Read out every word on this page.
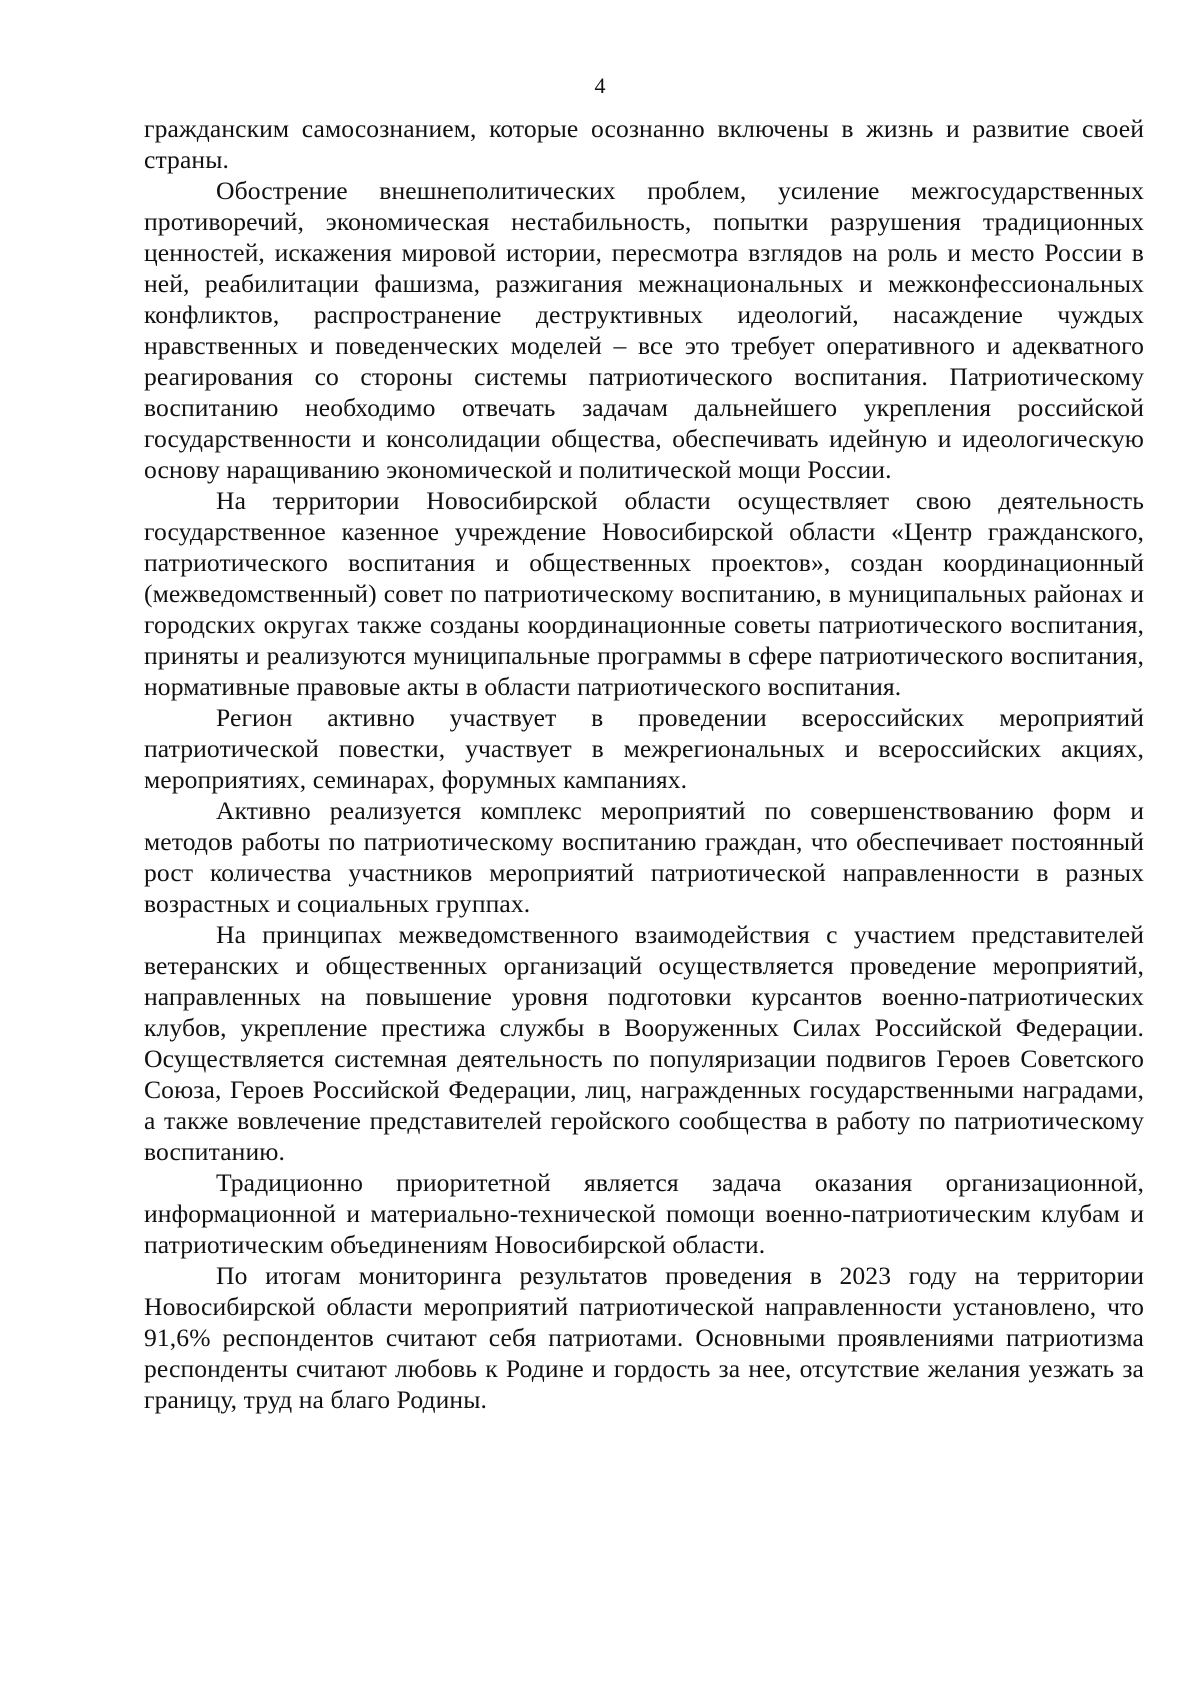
4

гражданским самосознанием, которые осознанно включены в жизнь и развитие своей страны.

Обострение внешнеполитических проблем, усиление межгосударственных противоречий, экономическая нестабильность, попытки разрушения традиционных ценностей, искажения мировой истории, пересмотра взглядов на роль и место России в ней, реабилитации фашизма, разжигания межнациональных и межконфессиональных конфликтов, распространение деструктивных идеологий, насаждение чуждых нравственных и поведенческих моделей – все это требует оперативного и адекватного реагирования со стороны системы патриотического воспитания. Патриотическому воспитанию необходимо отвечать задачам дальнейшего укрепления российской государственности и консолидации общества, обеспечивать идейную и идеологическую основу наращиванию экономической и политической мощи России.

На территории Новосибирской области осуществляет свою деятельность государственное казенное учреждение Новосибирской области «Центр гражданского, патриотического воспитания и общественных проектов», создан координационный (межведомственный) совет по патриотическому воспитанию, в муниципальных районах и городских округах также созданы координационные советы патриотического воспитания, приняты и реализуются муниципальные программы в сфере патриотического воспитания, нормативные правовые акты в области патриотического воспитания.

Регион активно участвует в проведении всероссийских мероприятий патриотической повестки, участвует в межрегиональных и всероссийских акциях, мероприятиях, семинарах, форумных кампаниях.

Активно реализуется комплекс мероприятий по совершенствованию форм и методов работы по патриотическому воспитанию граждан, что обеспечивает постоянный рост количества участников мероприятий патриотической направленности в разных возрастных и социальных группах.

На принципах межведомственного взаимодействия с участием представителей ветеранских и общественных организаций осуществляется проведение мероприятий, направленных на повышение уровня подготовки курсантов военно-патриотических клубов, укрепление престижа службы в Вооруженных Силах Российской Федерации. Осуществляется системная деятельность по популяризации подвигов Героев Советского Союза, Героев Российской Федерации, лиц, награжденных государственными наградами, а также вовлечение представителей геройского сообщества в работу по патриотическому воспитанию.

Традиционно приоритетной является задача оказания организационной, информационной и материально-технической помощи военно-патриотическим клубам и патриотическим объединениям Новосибирской области.

По итогам мониторинга результатов проведения в 2023 году на территории Новосибирской области мероприятий патриотической направленности установлено, что 91,6% респондентов считают себя патриотами. Основными проявлениями патриотизма респонденты считают любовь к Родине и гордость за нее, отсутствие желания уезжать за границу, труд на благо Родины.
